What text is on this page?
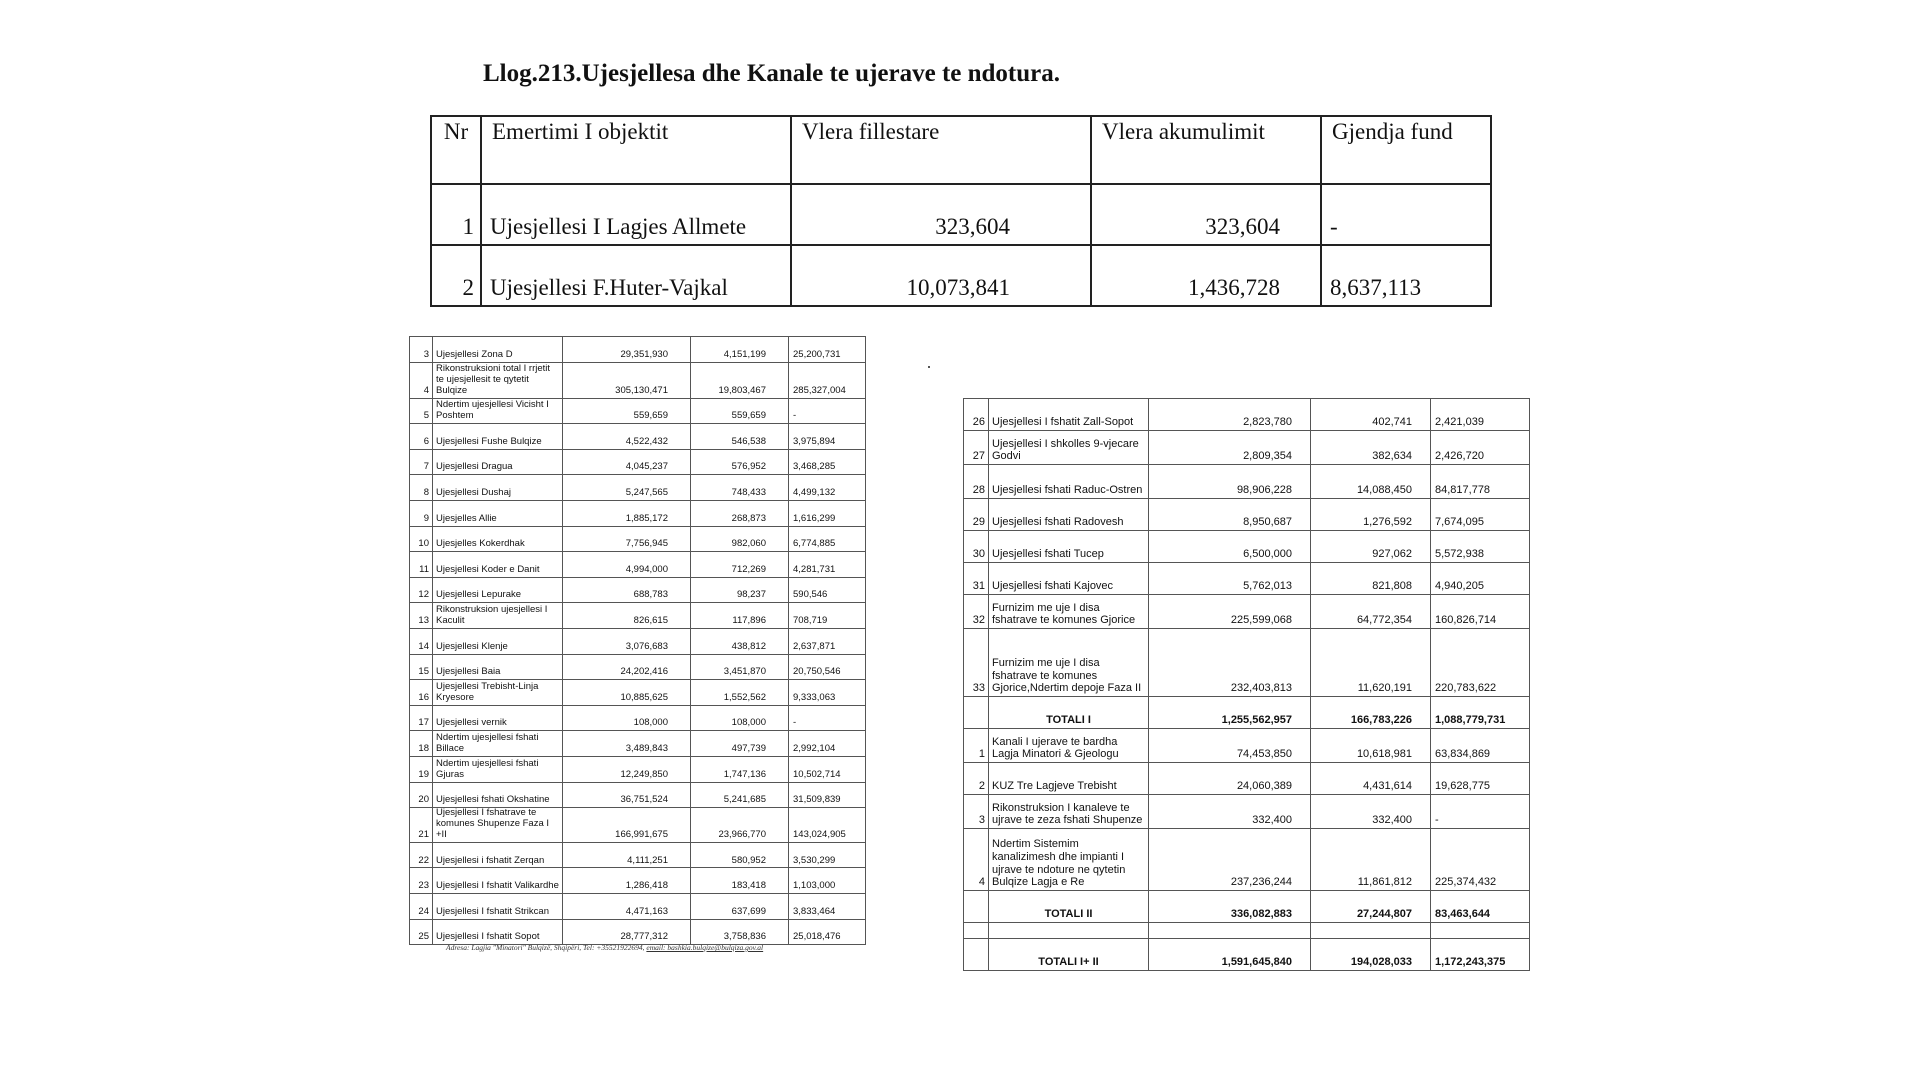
Llog.213.Ujesjellesa dhe Kanale te ujerave te ndotura.
Nr	Emertimi I objektit	Vlera fillestare	Vlera akumulimit	Gjendja fund
1	Ujesjellesi I Lagjes Allmete	323,604	323,604	-
2	Ujesjellesi F.Huter-Vajkal	10,073,841	1,436,728	8,637,113
3	Ujesjellesi Zona D	29,351,930	4,151,199	25,200,731
4	Rikonstruksioni total I rrjetit te ujesjellesit te qytetit Bulqize	305,130,471	19,803,467	285,327,004
5	Ndertim ujesjellesi Vicisht I Poshtem	559,659	559,659	-
6	Ujesjellesi Fushe Bulqize	4,522,432	546,538	3,975,894
7	Ujesjellesi Dragua	4,045,237	576,952	3,468,285
8	Ujesjellesi Dushaj	5,247,565	748,433	4,499,132
9	Ujesjelles Allie	1,885,172	268,873	1,616,299
10	Ujesjelles Kokerdhak	7,756,945	982,060	6,774,885
11	Ujesjellesi Koder e Danit	4,994,000	712,269	4,281,731
12	Ujesjellesi Lepurake	688,783	98,237	590,546
13	Rikonstruksion ujesjellesi I Kaculit	826,615	117,896	708,719
14	Ujesjellesi Klenje	3,076,683	438,812	2,637,871
15	Ujesjellesi Baia	24,202,416	3,451,870	20,750,546
16	Ujesjellesi Trebisht-Linja Kryesore	10,885,625	1,552,562	9,333,063
17	Ujesjellesi vernik	108,000	108,000	-
18	Ndertim ujesjellesi fshati Billace	3,489,843	497,739	2,992,104
19	Ndertim ujesjellesi fshati Gjuras	12,249,850	1,747,136	10,502,714
20	Ujesjellesi fshati Okshatine	36,751,524	5,241,685	31,509,839
21	Ujesjellesi I fshatrave te komunes Shupenze Faza I +II	166,991,675	23,966,770	143,024,905
22	Ujesjellesi i fshatit Zerqan	4,111,251	580,952	3,530,299
23	Ujesjellesi I fshatit Valikardhe	1,286,418	183,418	1,103,000
24	Ujesjellesi I fshatit Strikcan	4,471,163	637,699	3,833,464
25	Ujesjellesi I fshatit Sopot	28,777,312	3,758,836	25,018,476
26	Ujesjellesi I fshatit Zall-Sopot	2,823,780	402,741	2,421,039
27	Ujesjellesi I shkolles 9-vjecare Godvi	2,809,354	382,634	2,426,720
28	Ujesjellesi fshati Raduc-Ostren	98,906,228	14,088,450	84,817,778
29	Ujesjellesi fshati Radovesh	8,950,687	1,276,592	7,674,095
30	Ujesjellesi fshati Tucep	6,500,000	927,062	5,572,938
31	Ujesjellesi fshati Kajovec	5,762,013	821,808	4,940,205
32	Furnizim me uje I disa fshatrave te komunes Gjorice	225,599,068	64,772,354	160,826,714
33	Furnizim me uje I disa fshatrave te komunes Gjorice,Ndertim depoje Faza II	232,403,813	11,620,191	220,783,622
	TOTALI I	1,255,562,957	166,783,226	1,088,779,731
1	Kanali I ujerave te bardha Lagja Minatori & Gjeologu	74,453,850	10,618,981	63,834,869
2	KUZ Tre Lagjeve Trebisht	24,060,389	4,431,614	19,628,775
3	Rikonstruksion I kanaleve te ujrave te zeza fshati Shupenze	332,400	332,400	-
4	Ndertim Sistemim kanalizimesh dhe impianti I ujrave te ndoture ne qytetin Bulqize Lagja e Re	237,236,244	11,861,812	225,374,432
	TOTALI II	336,082,883	27,244,807	83,463,644

	TOTALI I+ II	1,591,645,840	194,028,033	1,172,243,375
Adresa: Lagjia "Minatori" Bulqizë, Shqipëri, Tel: +35521922694, email: bashkia.bulqize@bulqiza.gov.al
